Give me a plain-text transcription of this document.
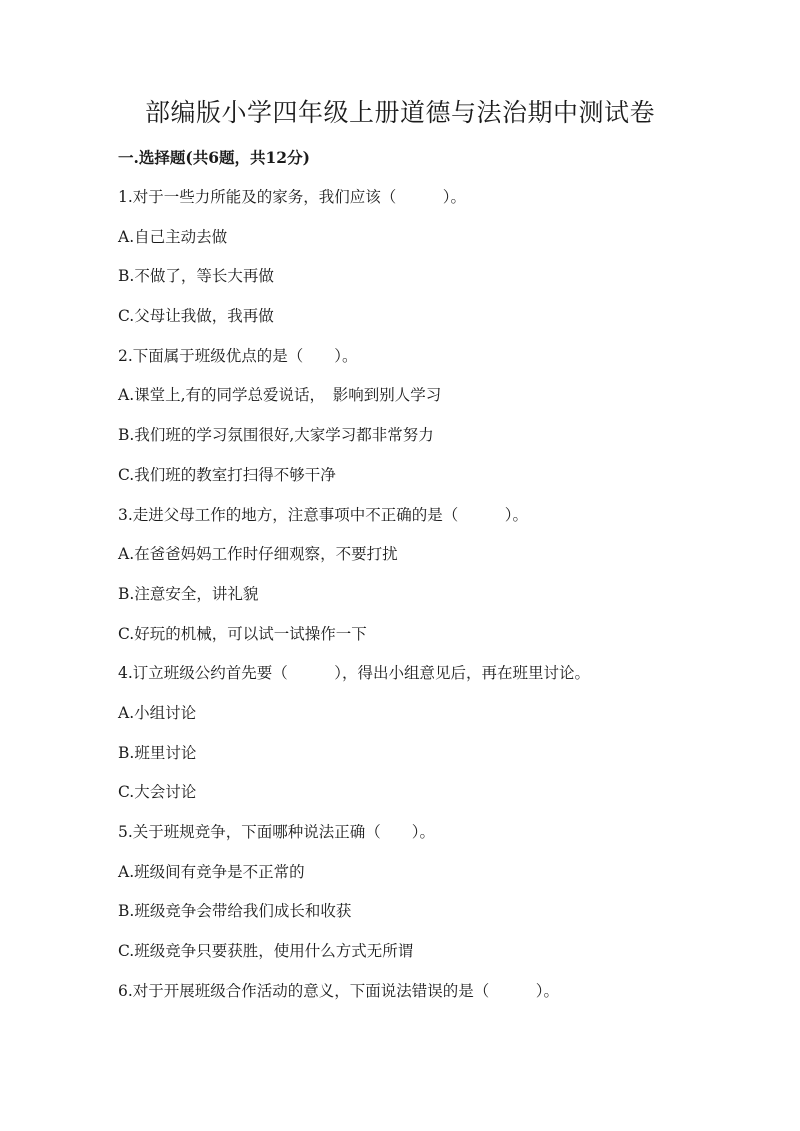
部编版小学四年级上册道德与法治期中测试卷
一.选择题(共6题，共12分)
1.对于一些力所能及的家务，我们应该（　　　）。
A.自己主动去做
B.不做了，等长大再做
C.父母让我做，我再做
2.下面属于班级优点的是（　　）。
A.课堂上,有的同学总爱说话，　影响到别人学习
B.我们班的学习氛围很好,大家学习都非常努力
C.我们班的教室打扫得不够干净
3.走进父母工作的地方，注意事项中不正确的是（　　　）。
A.在爸爸妈妈工作时仔细观察，不要打扰
B.注意安全，讲礼貌
C.好玩的机械，可以试一试操作一下
4.订立班级公约首先要（　　　），得出小组意见后，再在班里讨论。
A.小组讨论
B.班里讨论
C.大会讨论
5.关于班规竞争，下面哪种说法正确（　　）。
A.班级间有竞争是不正常的
B.班级竞争会带给我们成长和收获
C.班级竞争只要获胜，使用什么方式无所谓
6.对于开展班级合作活动的意义，下面说法错误的是（　　　）。
